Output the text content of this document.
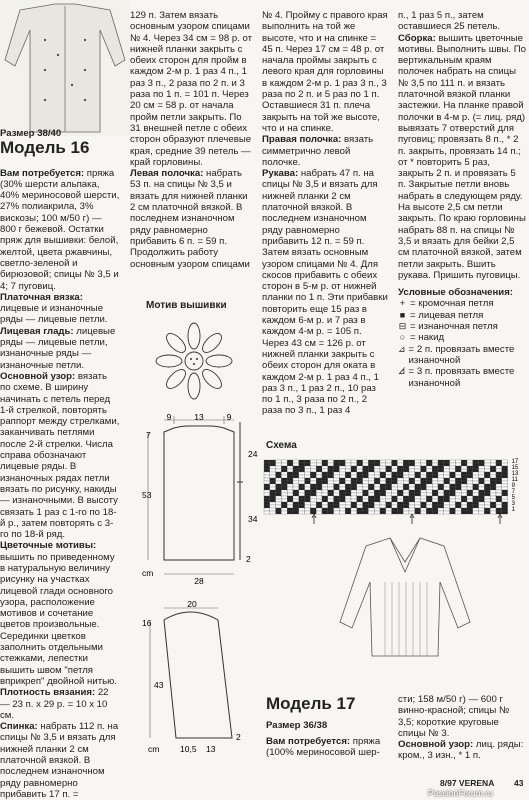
Размер 38/40
Модель 16

Вам потребуется: пряжа (30% шерсти альпака, 40% мериносовой шерсти, 27% полиакрила, 3% вискозы; 100 м/50 г) — 800 г бежевой. Остатки пряж для вышивки: белой, желтой, цвета ржавчины, светло-зеленой и бирюзовой; спицы № 3,5 и 4; 7 пуговиц.

Платочная вязка: лицевые и изнаночные ряды — лицевые петли.

Лицевая гладь: лицевые ряды — лицевые петли, изнаночные ряды — изнаночные петли.

Основной узор: вязать по схеме. В ширину начинать с петель перед 1-й стрелкой, повторять раппорт между стрелками, заканчивать петлями после 2-й стрелки. Числа справа обозначают лицевые ряды. В изнаночных рядах петли вязать по рисунку, накиды — изнаночными. В высоту связать 1 раз с 1-го по 18-й р., затем повторять с 3-го по 18-й ряд.

Цветочные мотивы: вышить по приведенному в натуральную величину рисунку на участках лицевой глади основного узора, расположение мотивов и сочетание цветов произвольные. Серединки цветков заполнить отдельными стежками, лепестки вышить швом "петля вприкреп" двойной нитью.

Плотность вязания: 22 — 23 п. х 29 р. = 10 х 10 см.

Спинка: набрать 112 п. на спицы № 3,5 и вязать для нижней планки 2 см платочной вязкой. В последнем изнаночном ряду равномерно прибавить 17 п. =

129 п. Затем вязать основным узором спицами № 4. Через 34 см = 98 р. от нижней планки закрыть с обеих сторон для пройм в каждом 2-м р. 1 раз 4 п., 1 раз 3 п., 2 раза по 2 п. и 3 раза по 1 п. = 101 п. Через 20 см = 58 р. от начала пройм петли закрыть. По 31 внешней петле с обеих сторон образуют плечевые края, средние 39 петель — край горловины.

Левая полочка: набрать 53 п. на спицы № 3,5 и вязать для нижней планки 2 см платочной вязкой. В последнем изнаночном ряду равномерно прибавить 6 п. = 59 п. Продолжить работу основным узором спицами

Мотив вышивки
9	13	9
24
34
53
2
cm
28
7
20
16
43
cm 10,5 13
2

№ 4. Пройму с правого края выполнить на той же высоте, что и на спинке = 45 п. Через 17 см = 48 р. от начала проймы закрыть с левого края для горловины в каждом 2-м р. 1 раз 3 п., 3 раза по 2 п. и 5 раз по 1 п. Оставшиеся 31 п. плеча закрыть на той же высоте, что и на спинке.

Правая полочка: вязать симметрично левой полочке.

Рукава: набрать 47 п. на спицы № 3,5 и вязать для нижней планки 2 см платочной вязкой. В последнем изнаночном ряду равномерно прибавить 12 п. = 59 п. Затем вязать основным узором спицами № 4. Для скосов прибавить с обеих сторон в 5-м р. от нижней планки по 1 п. Эти прибавки повторить еще 15 раз в каждом 6-м р. и 7 раз в каждом 4-м р. = 105 п. Через 43 см = 126 р. от нижней планки закрыть с обеих сторон для оката в каждом 2-м р. 1 раз 4 п., 1 раз 3 п., 1 раз 2 п., 10 раз по 1 п., 3 раза по 2 п., 2 раза по 3 п., 1 раз 4

п., 1 раз 5 п., затем оставшиеся 25 петель.

Сборка: вышить цветочные мотивы. Выполнить швы. По вертикальным краям полочек набрать на спицы № 3,5 по 111 п. и вязать платочной вязкой планки застежки. На планке правой полочки в 4-м р. (= лиц. ряд) вывязать 7 отверстий для пуговиц; провязать 8 п., * 2 п. закрыть, провязать 14 п.; от * повторить 5 раз, закрыть 2 п. и провязать 5 п. Закрытые петли вновь набрать в следующем ряду. На высоте 2,5 см петли закрыть. По краю горловины набрать 88 п. на спицы № 3,5 и вязать для бейки 2,5 см платочной вязкой, затем петли закрыть. Вшить рукава. Пришить пуговицы.

Условные обозначения:
+ = кромочная петля
■ = лицевая петля
⊟ = изнаночная петля
○ = накид
⊿ = 2 п. провязать вместе изнаночной
⊿̸ = 3 п. провязать вместе изнаночной
Схема
17
15
13
11
9
7
5
3
1
Модель 17
Размер 36/38

Вам потребуется: пряжа (100% мериносовой шер-

сти; 158 м/50 г) — 600 г винно-красной; спицы № 3,5; короткие круговые спицы № 3.

Основной узор: лиц. ряды: кром., 3 изн., * 1 п.

8/97 VERENA 43
PassionForum.ru
